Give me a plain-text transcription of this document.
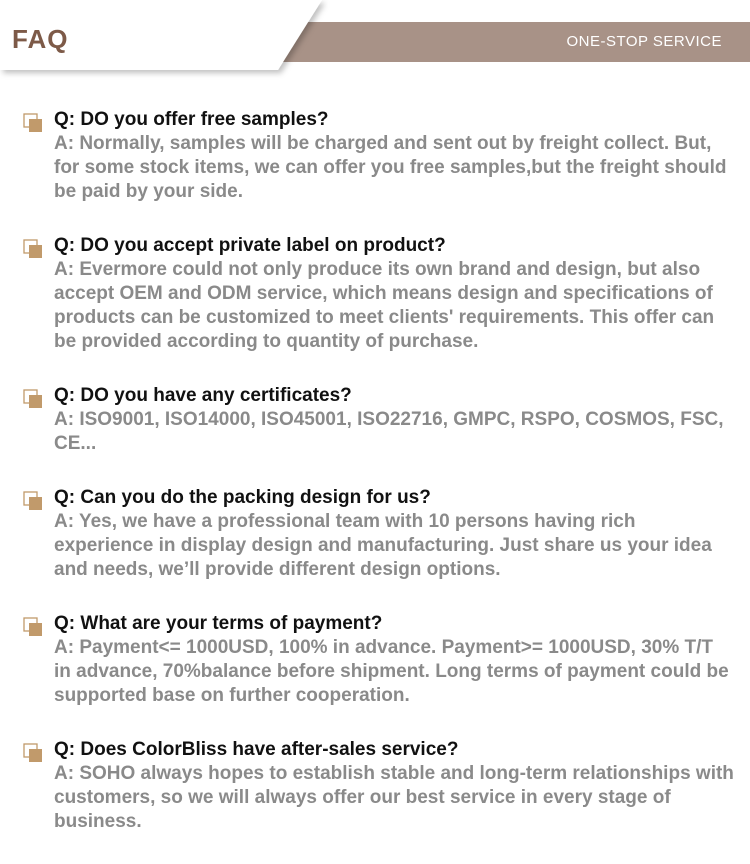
FAQ	ONE-STOP SERVICE
Q: DO you offer free samples?
A: Normally, samples will be charged and sent out by freight collect. But, for some stock items, we can offer you free samples,but the freight should be paid by your side.
Q: DO you accept private label on product?
A: Evermore could not only produce its own brand and design, but also accept OEM and ODM service, which means design and specifications of products can be customized to meet clients' requirements. This offer can be provided according to quantity of purchase.
Q: DO you have any certificates?
A: ISO9001, ISO14000, ISO45001, ISO22716, GMPC, RSPO, COSMOS, FSC, CE...
Q: Can you do the packing design for us?
A: Yes, we have a professional team with 10 persons having rich experience in display design and manufacturing. Just share us your idea and needs, we’ll provide different design options.
Q: What are your terms of payment?
A: Payment<= 1000USD, 100% in advance. Payment>= 1000USD, 30% T/T in advance, 70%balance before shipment. Long terms of payment could be supported base on further cooperation.
Q: Does ColorBliss have after-sales service?
A: SOHO always hopes to establish stable and long-term relationships with customers, so we will always offer our best service in every stage of business.
